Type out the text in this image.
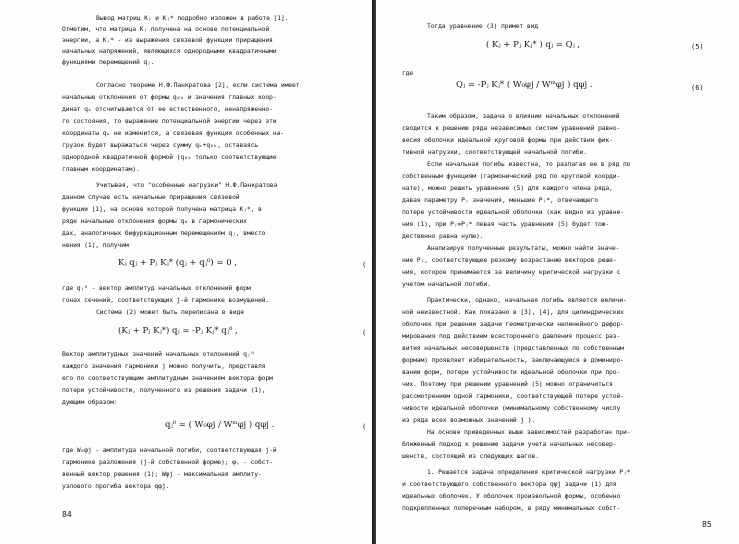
Вывод матриц Kⱼ и Kⱼ* подробно изложен в работе [1].
Отметим, что матрица Kⱼ получена на основе потенциальной
энергии, а Kⱼ* - из выражения связевой функции приращения
начальных напряжений, являющихся однородными квадратичными
функциями перемещений qⱼ.
Согласно теореме Н.Ф.Панкратова [2], если система имеет
начальные отклонения от формы q₀ₖ и значения главных коор-
динат qₖ отсчитываются от ее естественного, ненапряженно-
го состояния, то выражение потенциальной энергии через эти
координаты qₖ не изменится, а связевая функция особенных на-
грузок будет выражаться через сумму qₖ+q₀ₖ, оставаясь
однородной квадратичной формой (q₀ₖ только соответствующие
главным координатам).
Учитывая, что "особенные нагрузки" Н.Ф.Панкратова
данном случае есть начальные приращения связевой
функции [1], на основе которой получена матрица Kⱼ*, в
ряде начальные отклонения формы q₀ в гармонических
дах, аналогичных бифуркационным перемещениям qⱼ, вместо
нения (1), получим
Kⱼ qⱼ + Pⱼ Kⱼ* (qⱼ + qⱼ⁰) = 0 ,	(
где qⱼ⁰ - вектор амплитуд начальных отклонений форм
гонах сечений, соответствующих j-й гармонике возмущений.
Система (2) может быть переписана в виде
(Kⱼ + Pⱼ Kⱼ*) qⱼ = -Pⱼ Kⱼ* qⱼ⁰ ,	(
Вектор амплитудных значений начальных отклонений qⱼ⁰
каждого значения гармоники j можно получить, представля
его по соответствующим амплитудным значениям вектора форм
потери устойчивости, полученного из решения задачи (1),
дующим образом:
qⱼ⁰ = ( W₀φj / Wᵐφj ) qφj .	(
где W₀φj - амплитуда начальной погиби, соответствующая j-й
гармонике разложения (j-й собственной форме); φⱼ - собст-
венный вектор решения (1); Wφj - максимальная амплиту-
узлового прогиба вектора qφj.
84
Тогда уравнение (3) примет вид
( Kⱼ + Pⱼ Kⱼ* ) qⱼ = Qⱼ ,	(5)
где
Qⱼ = -Pⱼ Kⱼ* ( W₀φj / Wᵐφj ) qφj .	(6)
Таким образом, задача о влиянии начальных отклонений
сводится к решению ряда независимых систем уравнений равно-
весия оболочки идеальной круговой формы при действии фик-
тивной нагрузки, соответствующей начальной погиби.
Если начальная погибь известна, то разлагая ее в ряд по
собственным функциям (гармонический ряд по круговой коорди-
нате), можно решить уравнение (5) для каждого члена ряда,
давая параметру Pⱼ значения, меньшие Pⱼ*, отвечающего
потере устойчивости идеальной оболочки (как видно из уравне-
ния (1), при Pⱼ=Pⱼ* левая часть уравнения (5) будет тож-
дественно равна нулю).
Анализируя полученные результаты, можно найти значе-
ние Pⱼ, соответствующее резкому возрастанию векторов реше-
ния, которое принимается за величину критической нагрузки с
учетом начальной погиби.
Практически, однако, начальная погибь является величи-
ной неизвестной. Как показано в [3], [4], для цилиндрических
оболочек при решении задачи геометрически нелинейного дефор-
мирования под действием всестороннего давления процесс раз-
вития начальных несовершенств (представленных по собственным
формам) проявляет избирательность, заключающуюся в доминиро-
вании форм, потери устойчивости идеальной оболочки при про-
чих. Поэтому при решении уравнений (5) можно ограничиться
рассмотрением одной гармоники, соответствующей потере устой-
чивости идеальной оболочки (минимальному собственному числу
из ряда всех возможных значений j ).
На основе приведенных выше зависимостей разработан при-
ближенный подход к решению задачи учета начальных несовер-
шенств, состоящий из следующих шагов.
1. Решается задача определения критической нагрузки Pⱼ*
и соответствующего собственного вектора qφj задачи (1) для
идеальных оболочек. У оболочек произвольной формы, особенно
подкрепленных поперечным набором, в ряду минимальных собст-
85
